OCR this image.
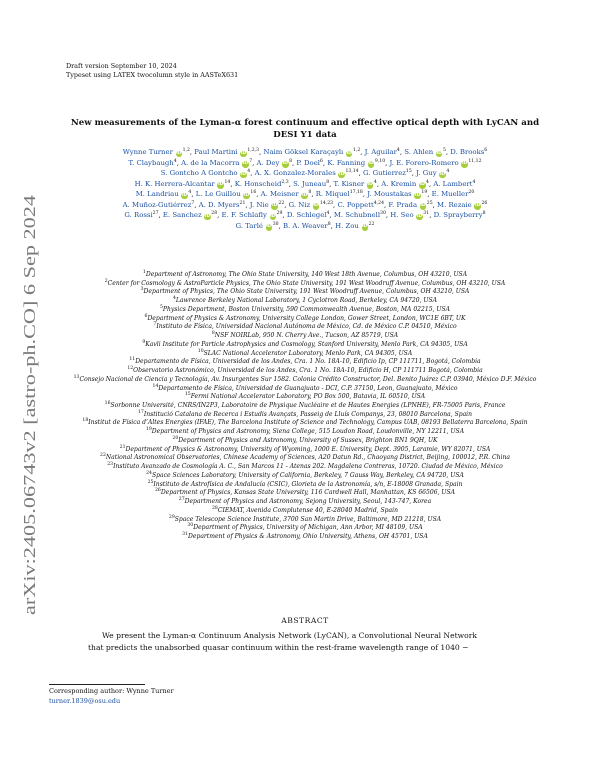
arXiv:2405.06743v2 [astro-ph.CO] 6 Sep 2024
Draft version September 10, 2024
Typeset using LATEX twocolumn style in AASTeX631
New measurements of the Lyman-α forest continuum and effective optical depth with LyCAN and
DESI Y1 data
Wynne Turner iD$^{1,2}$, Paul Martini iD$^{1,2,3}$, Naim Göksel Karaçaylı iD$^{1,2}$, J. Aguilar$^4$, S. Ahlen $iD^5$, D. Brooks$^6$
T. Claybaugh$^4$, A. de la Macorra $iD^7$, A. Dey $iD^8$, P. Doel$^6$, K. Fanning iD$^{9,10}$, J. E. Forero-Romero iD$^{11,12}$
S. Gontcho A Gontcho $iD^4$, A. X. Gonzalez-Morales iD$^{13,14}$, G. Gutierrez$^{15}$, J. Guy $iD^4$
H. K. Herrera-Alcantar $iD^{14}$, K. Honscheid$^{2,3}$, S. Juneau$^8$, T. Kisner $iD^4$, A. Kremin $iD^4$, A. Lambert$^4$
M. Landriau $iD^4$, L. Le Guillou $iD^{16}$, A. Meisner $iD^8$, R. Miquel$^{17,18}$, J. Moustakas $iD^{19}$, E. Mueller$^{20}$
A. Muñoz-Gutiérrez$^7$, A. D. Myers$^{21}$, J. Nie $iD^{22}$, G. Niz iD$^{14,23}$, C. Poppett$^{4,24}$, F. Prada $iD^{25}$, M. Rezaie $iD^{26}$
G. Rossi$^{27}$, E. Sanchez $iD^{28}$, E. F. Schlafly $iD^{29}$, D. Schlegel$^4$, M. Schubnell$^{30}$, H. Seo $iD^{31}$, D. Sprayberry$^8$
G. Tarlé $iD^{30}$, B. A. Weaver$^8$, H. Zou $iD^{22}$
$^1$Department of Astronomy, The Ohio State University, 140 West 18th Avenue, Columbus, OH 43210, USA
$^2$Center for Cosmology & AstroParticle Physics, The Ohio State University, 191 West Woodruff Avenue, Columbus, OH 43210, USA
$^3$Department of Physics, The Ohio State University, 191 West Woodruff Avenue, Columbus, OH 43210, USA
$^4$Lawrence Berkeley National Laboratory, 1 Cyclotron Road, Berkeley, CA 94720, USA
$^5$Physics Department, Boston University, 590 Commonwealth Avenue, Boston, MA 02215, USA
$^6$Department of Physics & Astronomy, University College London, Gower Street, London, WC1E 6BT, UK
$^7$Instituto de Física, Universidad Nacional Autónoma de México, Cd. de México C.P. 04510, México
$^8$NSF NOIRLab, 950 N. Cherry Ave., Tucson, AZ 85719, USA
$^9$Kavli Institute for Particle Astrophysics and Cosmology, Stanford University, Menlo Park, CA 94305, USA
$^{10}$SLAC National Accelerator Laboratory, Menlo Park, CA 94305, USA
$^{11}$Departamento de Física, Universidad de los Andes, Cra. 1 No. 18A-10, Edificio Ip, CP 111711, Bogotá, Colombia
$^{12}$Observatorio Astronómico, Universidad de los Andes, Cra. 1 No. 18A-10, Edificio H, CP 111711 Bogotá, Colombia
$^{13}$Consejo Nacional de Ciencia y Tecnología, Av. Insurgentes Sur 1582. Colonia Crédito Constructor, Del. Benito Juárez C.P. 03940, México D.F. México
$^{14}$Departamento de Física, Universidad de Guanajuato - DCI, C.P. 37150, Leon, Guanajuato, México
$^{15}$Fermi National Accelerator Laboratory, PO Box 500, Batavia, IL 60510, USA
$^{16}$Sorbonne Université, CNRS/IN2P3, Laboratoire de Physique Nucléaire et de Hautes Energies (LPNHE), FR-75005 Paris, France
$^{17}$Institució Catalana de Recerca i Estudis Avançats, Passeig de Lluís Companys, 23, 08010 Barcelona, Spain
$^{18}$Institut de Física d’Altes Energies (IFAE), The Barcelona Institute of Science and Technology, Campus UAB, 08193 Bellaterra Barcelona, Spain
$^{19}$Department of Physics and Astronomy, Siena College, 515 Loudon Road, Loudonville, NY 12211, USA
$^{20}$Department of Physics and Astronomy, University of Sussex, Brighton BN1 9QH, UK
$^{21}$Department of Physics & Astronomy, University of Wyoming, 1000 E. University, Dept. 3905, Laramie, WY 82071, USA
$^{22}$National Astronomical Observatories, Chinese Academy of Sciences, A20 Datun Rd., Chaoyang District, Beijing, 100012, P.R. China
$^{23}$Instituto Avanzado de Cosmología A. C., San Marcos 11 - Atenas 202. Magdalena Contreras, 10720. Ciudad de México, México
$^{24}$Space Sciences Laboratory, University of California, Berkeley, 7 Gauss Way, Berkeley, CA 94720, USA
$^{25}$Instituto de Astrofísica de Andalucía (CSIC), Glorieta de la Astronomía, s/n, E-18008 Granada, Spain
$^{26}$Department of Physics, Kansas State University, 116 Cardwell Hall, Manhattan, KS 66506, USA
$^{27}$Department of Physics and Astronomy, Sejong University, Seoul, 143-747, Korea
$^{28}$CIEMAT, Avenida Complutense 40, E-28040 Madrid, Spain
$^{29}$Space Telescope Science Institute, 3700 San Martin Drive, Baltimore, MD 21218, USA
$^{30}$Department of Physics, University of Michigan, Ann Arbor, MI 48109, USA
$^{31}$Department of Physics & Astronomy, Ohio University, Athens, OH 45701, USA
ABSTRACT
We present the Lyman-α Continuum Analysis Network (LyCAN), a Convolutional Neural Network
that predicts the unabsorbed quasar continuum within the rest-frame wavelength range of 1040 −
Corresponding author: Wynne Turner
turner.1839@osu.edu
